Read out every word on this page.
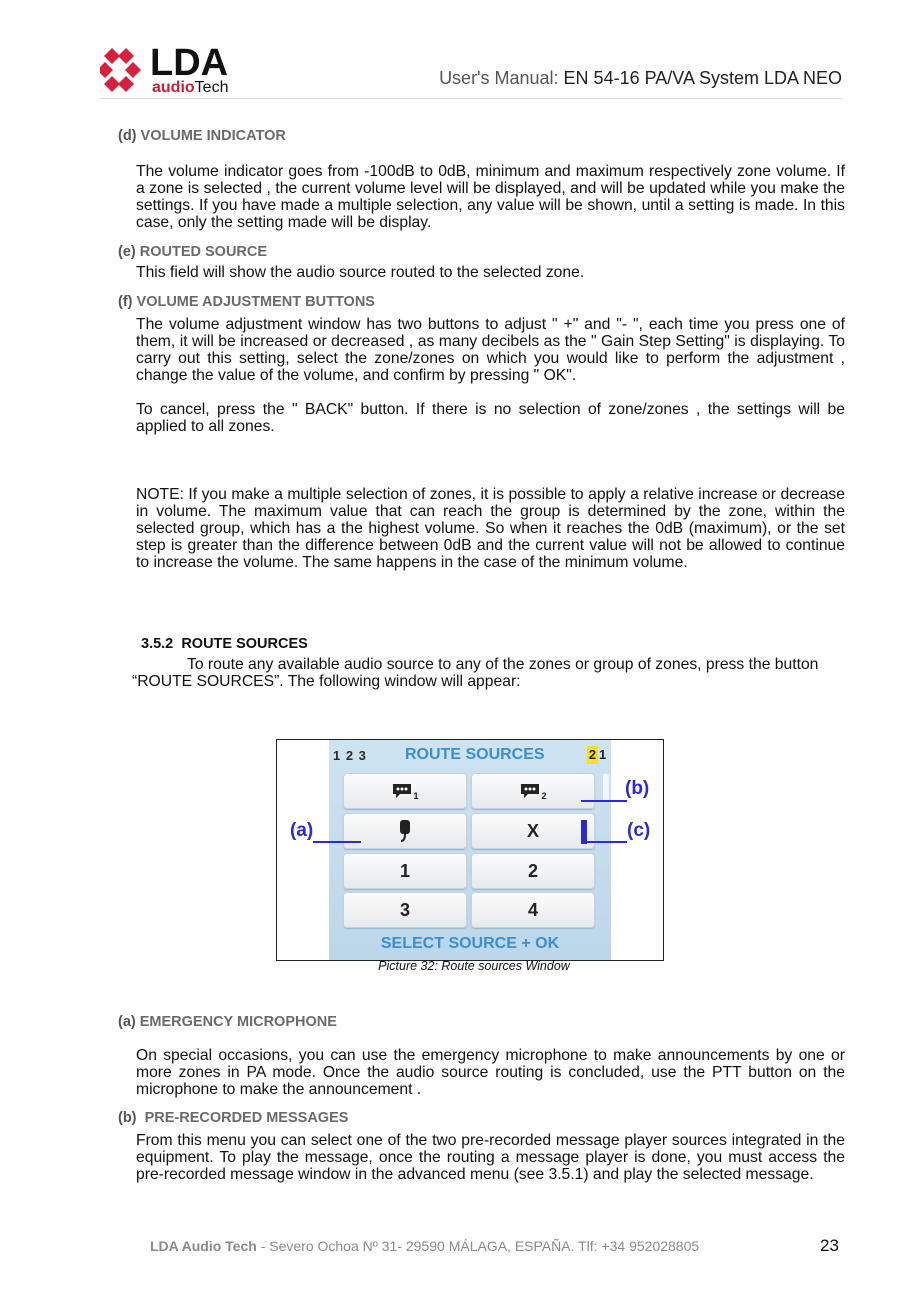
LDA
audioTech	User's Manual: EN 54-16 PA/VA System LDA NEO
(d) VOLUME INDICATOR
The volume indicator goes from -100dB to 0dB, minimum and maximum respectively zone volume. If a zone is selected , the current volume level will be displayed, and will be updated while you make the settings. If you have made a multiple selection, any value will be shown, until a setting is made. In this case, only the setting made will be display.
(e) ROUTED SOURCE
This field will show the audio source routed to the selected zone.
(f) VOLUME ADJUSTMENT BUTTONS
The volume adjustment window has two buttons to adjust " +" and "- ", each time you press one of them, it will be increased or decreased , as many decibels as the " Gain Step Setting" is displaying. To carry out this setting, select the zone/zones on which you would like to perform the adjustment , change the value of the volume, and confirm by pressing " OK".
To cancel, press the " BACK" button. If there is no selection of zone/zones , the settings will be applied to all zones.
NOTE: If you make a multiple selection of zones, it is possible to apply a relative increase or decrease in volume. The maximum value that can reach the group is determined by the zone, within the selected group, which has a the highest volume. So when it reaches the 0dB (maximum), or the set step is greater than the difference between 0dB and the current value will not be allowed to continue to increase the volume. The same happens in the case of the minimum volume.
3.5.2 ROUTE SOURCES
To route any available audio source to any of the zones or group of zones, press the button “ROUTE SOURCES”. The following window will appear:
1 2 3 ROUTE SOURCES	2 1
1	2
X
1	2
3	4
SELECT SOURCE + OK
(a)
(b)
(c)
Picture 32: Route sources Window
(a) EMERGENCY MICROPHONE
On special occasions, you can use the emergency microphone to make announcements by one or more zones in PA mode. Once the audio source routing is concluded, use the PTT button on the microphone to make the announcement .
(b) PRE-RECORDED MESSAGES
From this menu you can select one of the two pre-recorded message player sources integrated in the equipment. To play the message, once the routing a message player is done, you must access the pre-recorded message window in the advanced menu (see 3.5.1) and play the selected message.
LDA Audio Tech - Severo Ochoa Nº 31- 29590 MÁLAGA, ESPAÑA. Tlf: +34 952028805	23
